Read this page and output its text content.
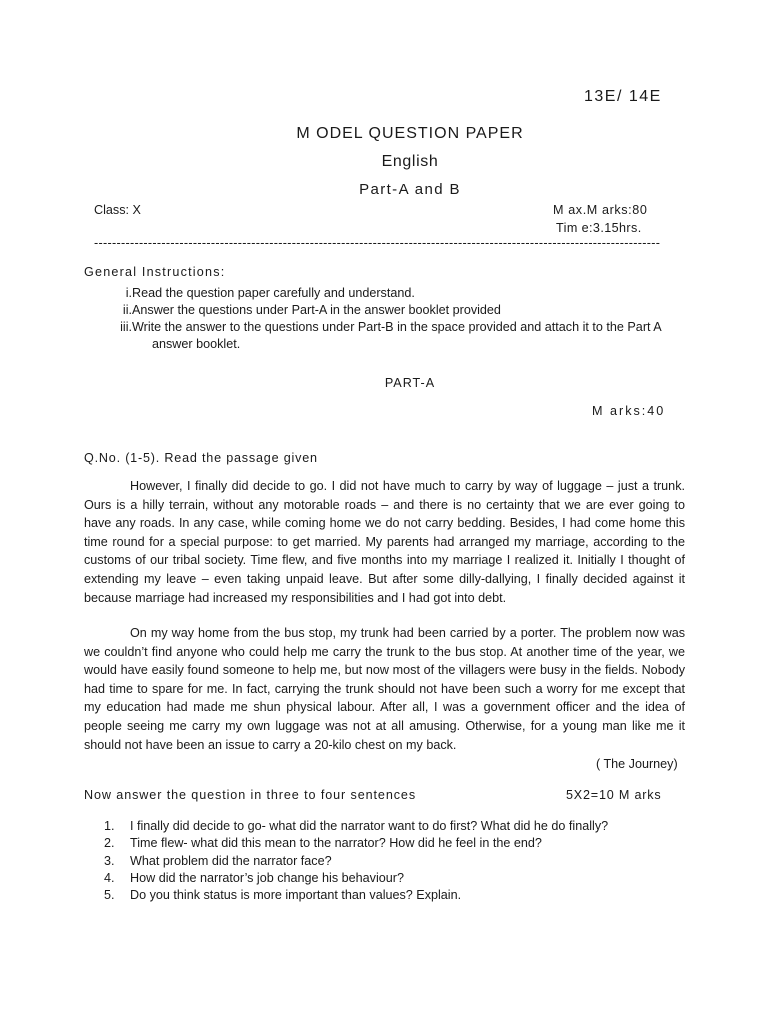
13E/ 14E
M ODEL QUESTION PAPER
English
Part-A and B
Class: X	M ax.M arks:80
Tim e:3.15hrs.
------------------------------------------------------------------------------------------------------------------------------
General Instructions:
i.Read the question paper carefully and understand.
ii.Answer the questions under Part-A in the answer booklet provided
iii.Write the answer to the questions under Part-B in the space provided and attach it to the Part A
answer booklet.
PART-A
M arks:40
Q.No. (1-5). Read the passage given

However, I finally did decide to go. I did not have much to carry by way of luggage – just a trunk. Ours is a hilly terrain, without any motorable roads – and there is no certainty that we are ever going to have any roads. In any case, while coming home we do not carry bedding. Besides, I had come home this time round for a special purpose: to get married. My parents had arranged my marriage, according to the customs of our tribal society. Time flew, and five months into my marriage I realized it. Initially I thought of extending my leave – even taking unpaid leave. But after some dilly-dallying, I finally decided against it because marriage had increased my responsibilities and I had got into debt.

On my way home from the bus stop, my trunk had been carried by a porter. The problem now was we couldn’t find anyone who could help me carry the trunk to the bus stop. At another time of the year, we would have easily found someone to help me, but now most of the villagers were busy in the fields. Nobody had time to spare for me. In fact, carrying the trunk should not have been such a worry for me except that my education had made me shun physical labour. After all, I was a government officer and the idea of people seeing me carry my own luggage was not at all amusing. Otherwise, for a young man like me it should not have been an issue to carry a 20-kilo chest on my back.

( The Journey)
Now answer the question in three to four sentences	5X2=10 M arks
1. I finally did decide to go- what did the narrator want to do first? What did he do finally?
2. Time flew- what did this mean to the narrator? How did he feel in the end?
3. What problem did the narrator face?
4. How did the narrator’s job change his behaviour?
5. Do you think status is more important than values? Explain.
